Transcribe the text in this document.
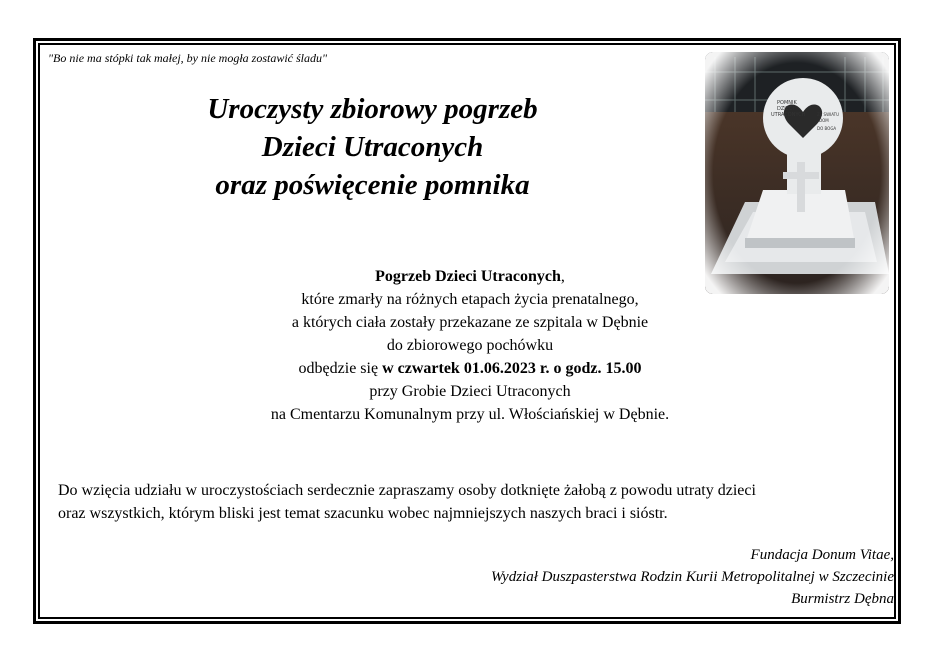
"Bo nie ma stópki tak małej, by nie mogła zostawić śladu"
Uroczysty zbiorowy pogrzeb
Dzieci Utraconych
oraz poświęcenie pomnika
Pogrzeb Dzieci Utraconych,
które zmarły na różnych etapach życia prenatalnego,
a których ciała zostały przekazane ze szpitala w Dębnie
do zbiorowego pochówku
odbędzie się w czwartek 01.06.2023 r. o godz. 15.00
przy Grobie Dzieci Utraconych
na Cmentarzu Komunalnym przy ul. Włościańskiej w Dębnie.
Do wzięcia udziału w uroczystościach serdecznie zapraszamy osoby dotknięte żałobą z powodu utraty dzieci
oraz wszystkich, którym bliski jest temat szacunku wobec najmniejszych naszych braci i sióstr.
Fundacja Donum Vitae,
Wydział Duszpasterstwa Rodzin Kurii Metropolitalnej w Szczecinie
Burmistrz Dębna
